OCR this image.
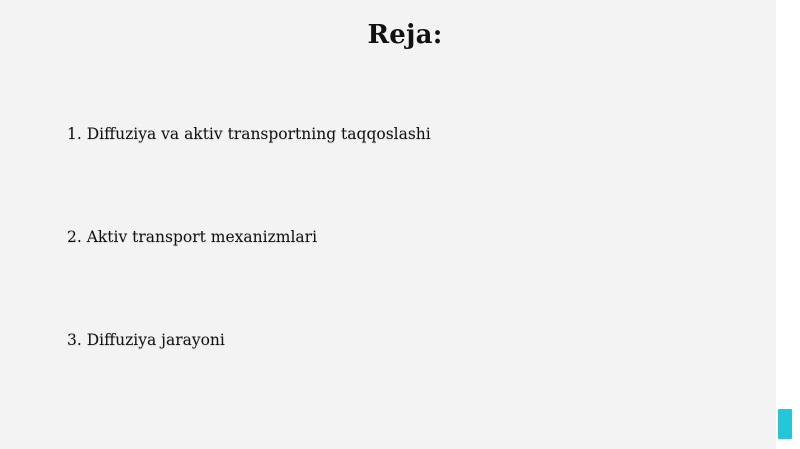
Reja:
1. Diffuziya va aktiv transportning taqqoslashi
2. Aktiv transport mexanizmlari
3. Diffuziya jarayoni
